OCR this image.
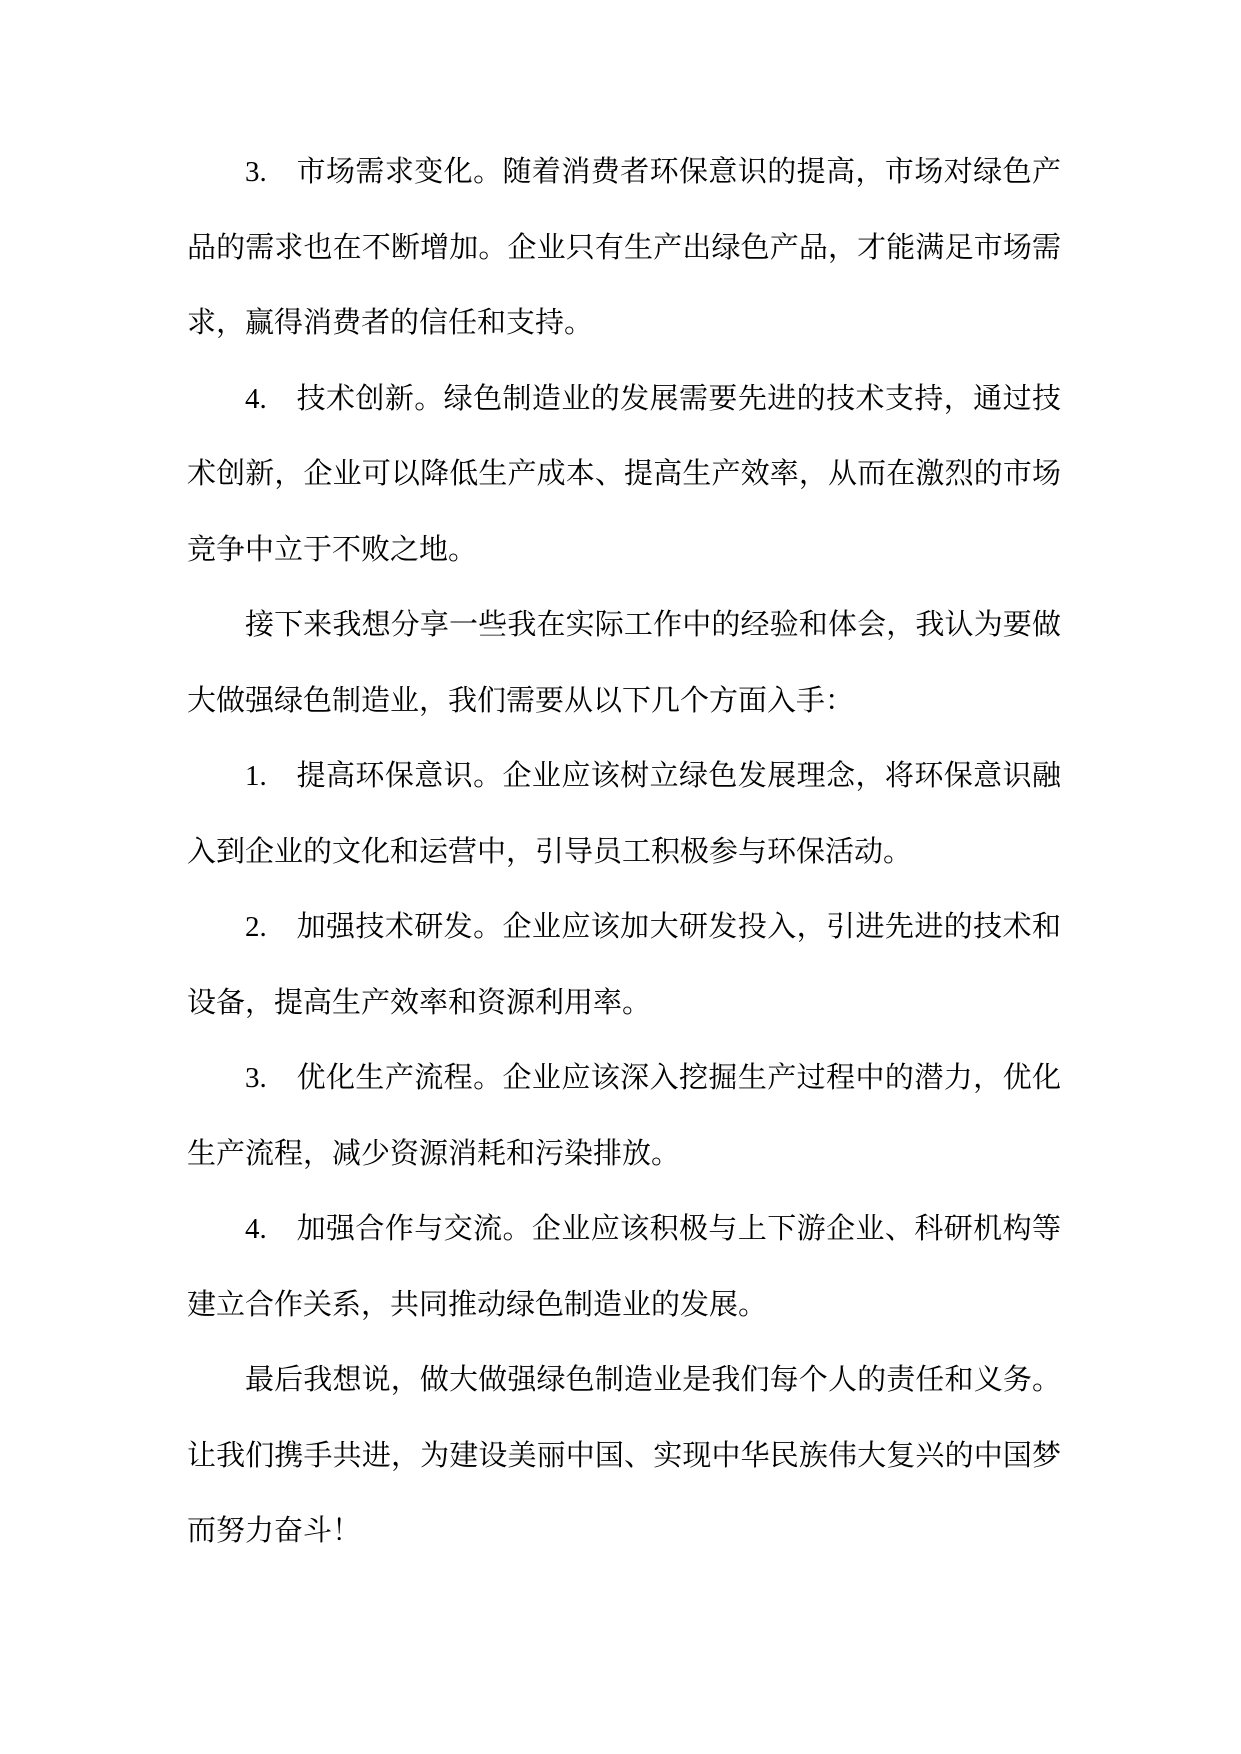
3.　市场需求变化。随着消费者环保意识的提高，市场对绿色产
品的需求也在不断增加。企业只有生产出绿色产品，才能满足市场需
求，赢得消费者的信任和支持。
4.　技术创新。绿色制造业的发展需要先进的技术支持，通过技
术创新，企业可以降低生产成本、提高生产效率，从而在激烈的市场
竞争中立于不败之地。
接下来我想分享一些我在实际工作中的经验和体会，我认为要做
大做强绿色制造业，我们需要从以下几个方面入手：
1.　提高环保意识。企业应该树立绿色发展理念，将环保意识融
入到企业的文化和运营中，引导员工积极参与环保活动。
2.　加强技术研发。企业应该加大研发投入，引进先进的技术和
设备，提高生产效率和资源利用率。
3.　优化生产流程。企业应该深入挖掘生产过程中的潜力，优化
生产流程，减少资源消耗和污染排放。
4.　加强合作与交流。企业应该积极与上下游企业、科研机构等
建立合作关系，共同推动绿色制造业的发展。
最后我想说，做大做强绿色制造业是我们每个人的责任和义务。
让我们携手共进，为建设美丽中国、实现中华民族伟大复兴的中国梦
而努力奋斗！
